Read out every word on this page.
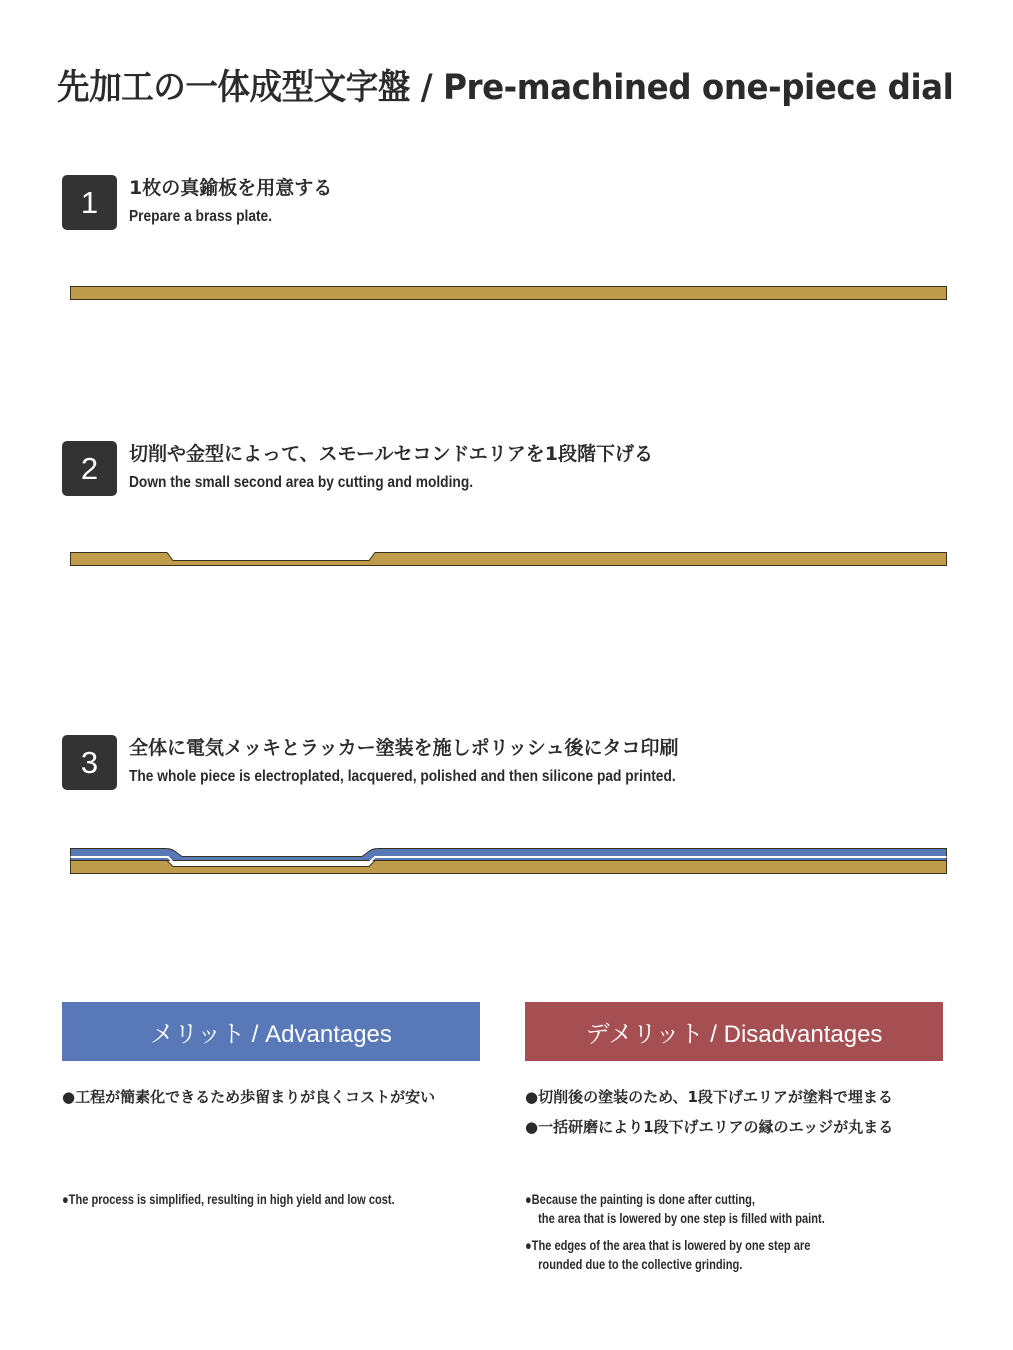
先加工の一体成型文字盤 / Pre-machined one-piece dial
1	1枚の真鍮板を用意する
Prepare a brass plate.
2	切削や金型によって、スモールセコンドエリアを1段階下げる
Down the small second area by cutting and molding.
3	全体に電気メッキとラッカー塗装を施しポリッシュ後にタコ印刷
The whole piece is electroplated, lacquered, polished and then silicone pad printed.
メリット / Advantages
●工程が簡素化できるため歩留まりが良くコストが安い
●The process is simplified, resulting in high yield and low cost.
デメリット / Disadvantages
●切削後の塗装のため、1段下げエリアが塗料で埋まる
●一括研磨により1段下げエリアの縁のエッジが丸まる
●Because the painting is done after cutting,
the area that is lowered by one step is filled with paint.
●The edges of the area that is lowered by one step are
rounded due to the collective grinding.
